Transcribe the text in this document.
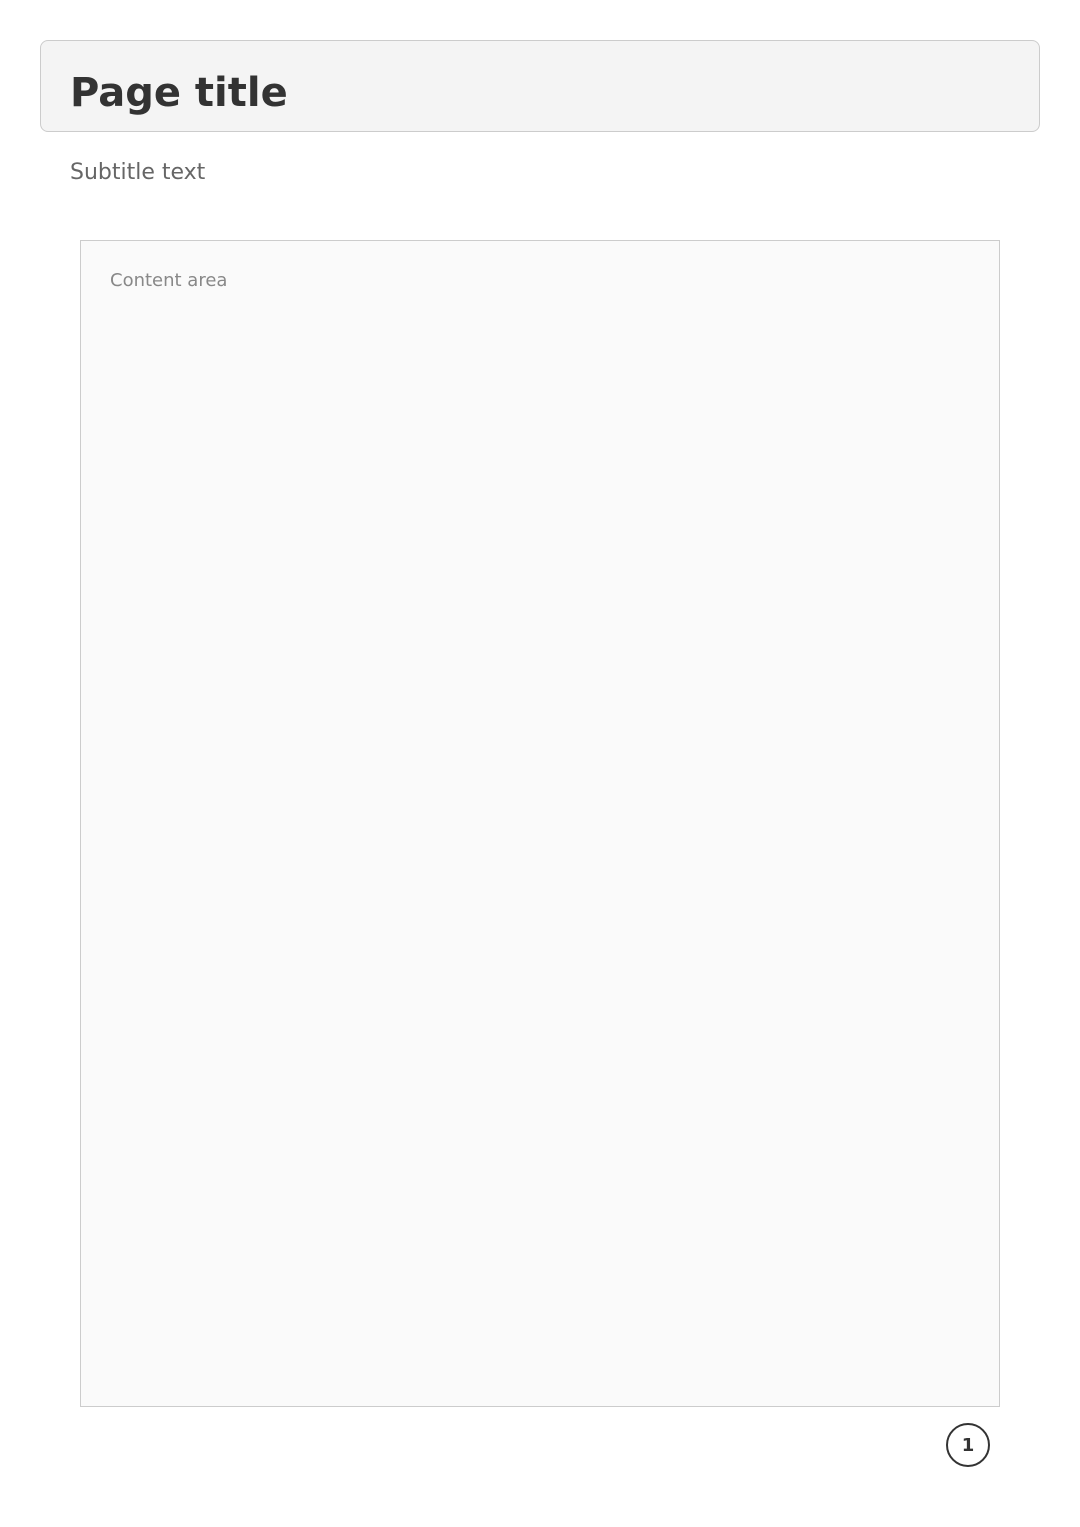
Page title
Subtitle text
Content area
1
